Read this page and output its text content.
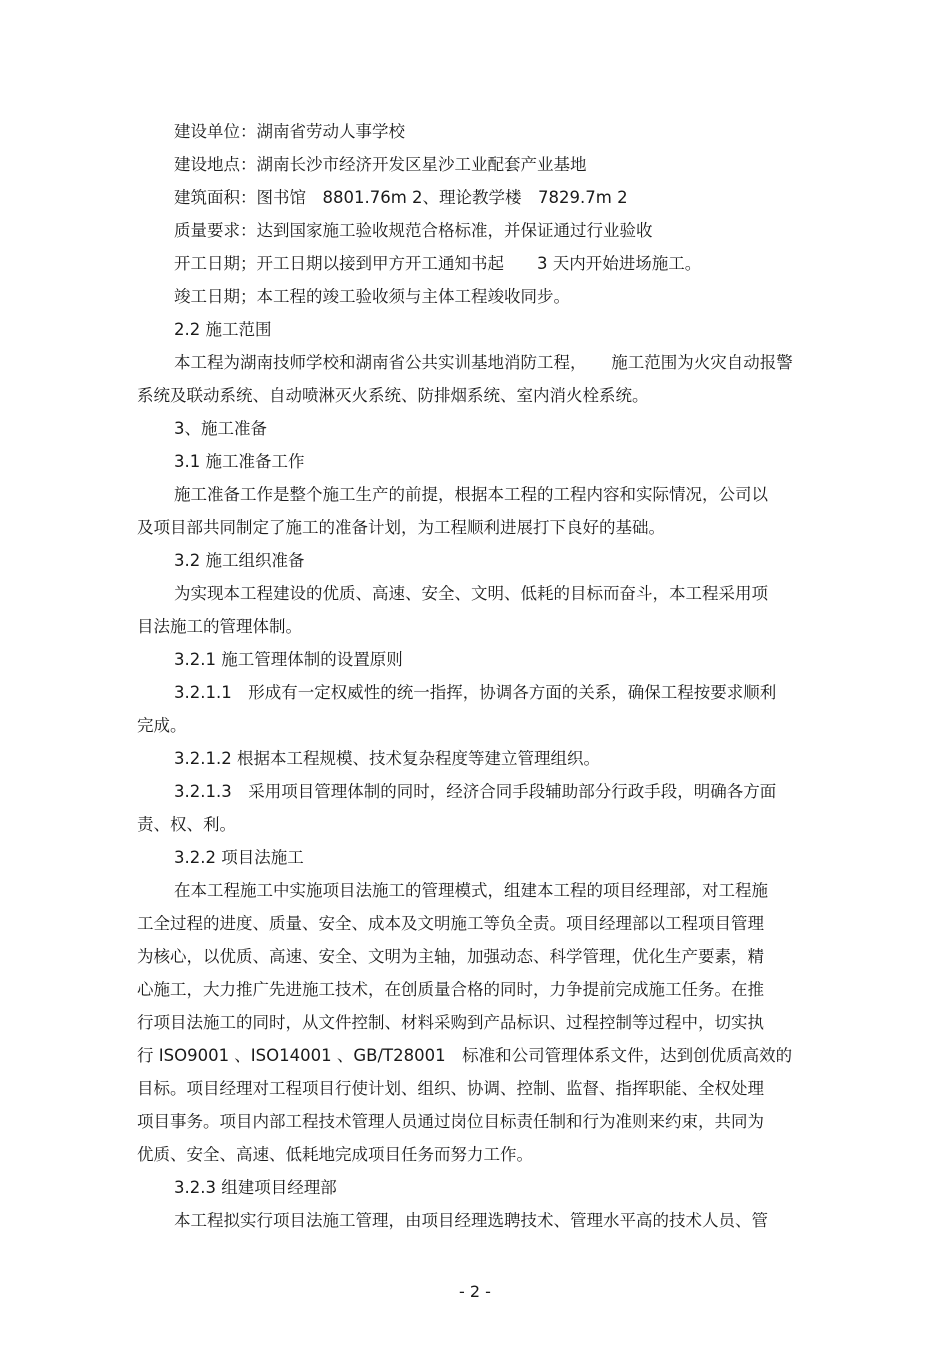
建设单位：湖南省劳动人事学校
建设地点：湖南长沙市经济开发区星沙工业配套产业基地
建筑面积：图书馆　8801.76m 2、理论教学楼　7829.7m 2
质量要求：达到国家施工验收规范合格标准，并保证通过行业验收
开工日期；开工日期以接到甲方开工通知书起　　3 天内开始进场施工。
竣工日期；本工程的竣工验收须与主体工程竣收同步。
2.2 施工范围
本工程为湖南技师学校和湖南省公共实训基地消防工程，　　施工范围为火灾自动报警
系统及联动系统、自动喷淋灭火系统、防排烟系统、室内消火栓系统。
3、施工准备
3.1 施工准备工作
施工准备工作是整个施工生产的前提，根据本工程的工程内容和实际情况，公司以
及项目部共同制定了施工的准备计划，为工程顺利进展打下良好的基础。
3.2 施工组织准备
为实现本工程建设的优质、高速、安全、文明、低耗的目标而奋斗，本工程采用项
目法施工的管理体制。
3.2.1 施工管理体制的设置原则
3.2.1.1　形成有一定权威性的统一指挥，协调各方面的关系，确保工程按要求顺利
完成。
3.2.1.2 根据本工程规模、技术复杂程度等建立管理组织。
3.2.1.3　采用项目管理体制的同时，经济合同手段辅助部分行政手段，明确各方面
责、权、利。
3.2.2 项目法施工
在本工程施工中实施项目法施工的管理模式，组建本工程的项目经理部，对工程施
工全过程的进度、质量、安全、成本及文明施工等负全责。项目经理部以工程项目管理
为核心，以优质、高速、安全、文明为主轴，加强动态、科学管理，优化生产要素，精
心施工，大力推广先进施工技术，在创质量合格的同时，力争提前完成施工任务。在推
行项目法施工的同时，从文件控制、材料采购到产品标识、过程控制等过程中，切实执
行 ISO9001 、ISO14001 、GB/T28001　标准和公司管理体系文件，达到创优质高效的
目标。项目经理对工程项目行使计划、组织、协调、控制、监督、指挥职能、全权处理
项目事务。项目内部工程技术管理人员通过岗位目标责任制和行为准则来约束，共同为
优质、安全、高速、低耗地完成项目任务而努力工作。
3.2.3 组建项目经理部
本工程拟实行项目法施工管理，由项目经理选聘技术、管理水平高的技术人员、管
- 2 -
